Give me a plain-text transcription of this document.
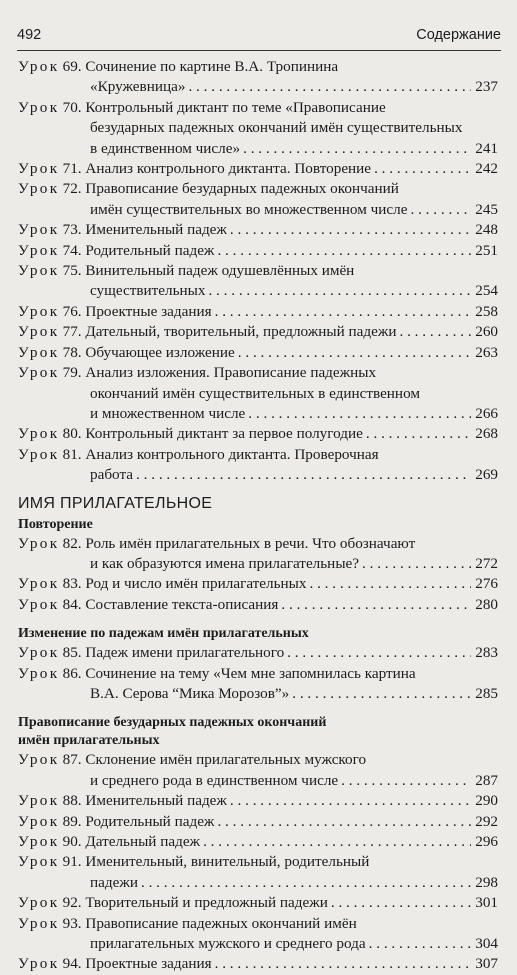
492	Содержание
Урок 69.
Сочинение по картине В.А. Тропинина
«Кружевница» . . .	237
Урок 70.
Контрольный диктант по теме «Правописание
безударных падежных окончаний имён существительных
в единственном числе» . . .	241
Урок 71.
Анализ контрольного диктанта. Повторение . . .	242
Урок 72.
Правописание безударных падежных окончаний
имён существительных во множественном числе . . .	245
Урок 73.
Именительный падеж . . .	248
Урок 74.
Родительный падеж . . .	251
Урок 75.
Винительный падеж одушевлённых имён
существительных . . .	254
Урок 76.
Проектные задания . . .	258
Урок 77.
Дательный, творительный, предложный падежи . . .	260
Урок 78.
Обучающее изложение . . .	263
Урок 79.
Анализ изложения. Правописание падежных
окончаний имён существительных в единственном
и множественном числе . . .	266
Урок 80.
Контрольный диктант за первое полугодие . . .	268
Урок 81.
Анализ контрольного диктанта. Проверочная
работа . . .	269
ИМЯ ПРИЛАГАТЕЛЬНОЕ
Повторение
Урок 82.
Роль имён прилагательных в речи. Что обозначают
и как образуются имена прилагательные? . . .	272
Урок 83.
Род и число имён прилагательных . . .	276
Урок 84.
Составление текста-описания . . .	280
Изменение по падежам имён прилагательных
Урок 85.
Падеж имени прилагательного . . .	283
Урок 86.
Сочинение на тему «Чем мне запомнилась картина
В.А. Серова “Мика Морозов”» . . .	285
Правописание безударных падежных окончаний
имён прилагательных
Урок 87.
Склонение имён прилагательных мужского
и среднего рода в единственном числе . . .	287
Урок 88.
Именительный падеж . . .	290
Урок 89.
Родительный падеж . . .	292
Урок 90.
Дательный падеж . . .	296
Урок 91.
Именительный, винительный, родительный
падежи . . .	298
Урок 92.
Творительный и предложный падежи . . .	301
Урок 93.
Правописание падежных окончаний имён
прилагательных мужского и среднего рода . . .	304
Урок 94.
Проектные задания . . .	307
